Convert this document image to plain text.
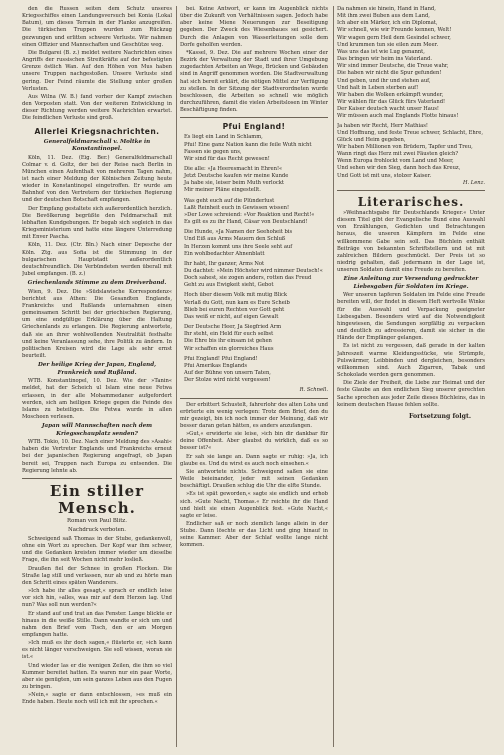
den die Russen seiten dem Schutz unseres Kriegsschiffes einen Landungsversuch bei Konia (Lokal Batum), um dieses Terrain in der Flanke anzugreifen. Die türkischen Truppen wurden zum Rückzug gezwungen und erlitten schwere Verluste. Wir nahmen einen Offizier und Mannschaften und Geschütze weg.

Die Bulgarei (B. z.) meldet weitere Nachrichten eines Angriffs der russischen Streitkräfte auf der befestigten Grenze östlich Wan. Auf den Höhen von Mus haben unsere Truppen nachgestoßen. Unsere Verluste sind gering. Der Feind räumte die Stellung unter großen Verlusten.

Aus Wilna (W. B.) fand vorher der Kampf zwischen den Vorposten statt. Von der weiteren Entwicklung in dieser Richtung werden weitere Nachrichten erwartet. Die feindlichen Verluste sind groß.

Allerlei Kriegsnachrichten.
Generalfeldmarschall v. Moltke in Konstantinopel.

Köln, 11. Dez. (Eig. Ber.) Generalfeldmarschall Colmar v. d. Goltz, der bei der Reise nach Berlin in München einen Aufenthalt von mehreren Tagen nahm, ist nach einer Meldung der Kölnischen Zeitung heute wieder in Konstantinopel eingetroffen. Er wurde am Bahnhof von den Vertretern der türkischen Regierung und der deutschen Botschaft empfangen.

Der Empfang gestaltete sich außerordentlich herzlich. Die Bevölkerung begrüßte den Feldmarschall mit lebhaften Kundgebungen. Er begab sich sogleich in das Kriegsministerium und hatte eine längere Unterredung mit Enver Pascha.

Köln, 11. Dez. (Ctr. Bln.) Nach einer Depesche der Köln. Ztg. aus Sofia ist die Stimmung in der bulgarischen Hauptstadt außerordentlich deutschfreundlich. Die Verbündeten werden überall mit Jubel empfangen. (B. z.)

Griechenlands Stimme zu dem Dreiverband.

Wien, 9. Dez. Die »Südslawische Korrespondenz« berichtet aus Athen: Die Gesandten Englands, Frankreichs und Rußlands unternahmen einen gemeinsamen Schritt bei der griechischen Regierung, um eine endgültige Erklärung über die Haltung Griechenlands zu erlangen. Die Regierung antwortete, daß sie an ihrer wohlwollenden Neutralität festhalte und keine Veranlassung sehe, ihre Politik zu ändern. In politischen Kreisen wird die Lage als sehr ernst beurteilt.

Der heilige Krieg der Japan, England, Frankreich und Rußland.

WTB. Konstantinopel, 10. Dez. Wie der »Tanin« meldet, hat der Scheich ul Islam eine neue Fetwa erlassen, in der alle Mohammedaner aufgefordert werden, sich am heiligen Kriege gegen die Feinde des Islams zu beteiligen. Die Fetwa wurde in allen Moscheen verlesen.

Japan will Mannschaften nach dem Kriegsschauplatz senden?

WTB. Tokio, 10. Dez. Nach einer Meldung des »Asahi« haben die Vertreter Englands und Frankreichs erneut bei der japanischen Regierung angefragt, ob Japan bereit sei, Truppen nach Europa zu entsenden. Die Regierung lehnte ab.

Ein stiller Mensch.
Roman von Paul Blitz.
Nachdruck verboten.

Schweigend saß Thomas in der Stube, gedankenvoll, ohne ein Wort zu sprechen. Der Kopf war ihm schwer, und die Gedanken kreisten immer wieder um dieselbe Frage, die ihn seit Wochen nicht mehr losließ.

Draußen fiel der Schnee in großen Flocken. Die Straße lag still und verlassen, nur ab und zu hörte man den Schritt eines späten Wanderers.

»Ich habe ihr alles gesagt,« sprach er endlich leise vor sich hin, »alles, was mir auf dem Herzen lag. Und nun? Was soll nun werden?«

Er stand auf und trat an das Fenster. Lange blickte er hinaus in die weiße Stille. Dann wandte er sich um und nahm den Brief vom Tisch, den er am Morgen empfangen hatte.

»Ich muß es ihr doch sagen,« flüsterte er, »ich kann es nicht länger verschweigen. Sie soll wissen, woran sie ist.«

Und wieder las er die wenigen Zeilen, die ihm so viel Kummer bereitet hatten. Es waren nur ein paar Worte, aber sie genügten, um sein ganzes Leben aus den Fugen zu bringen.

»Nein,« sagte er dann entschlossen, »es muß ein Ende haben. Heute noch will ich mit ihr sprechen.«

bei. Keine Antwort, er kann im Augenblick nichts über die Zukunft von Verhältnissen sagen. Jedoch habe aber keine Miene Neuerungen zur Beseitigung gegeben. Der Zweck des Wiesenbaues sei gesichert. Durch die Anlagen von Wasserleitungen solle dem Dorfe geholfen werden.

*Kassel, 9. Dez. Die auf mehrere Wochen einer der Bezirk der Verwaltung der Stadt und ihrer Umgebung zugedachten Arbeiten an Wege, Brücken und Gebäuden sind in Angriff genommen worden. Die Stadtverwaltung hat sich bereit erklärt, die nötigen Mittel zur Verfügung zu stellen. In der Sitzung der Stadtverordneten wurde beschlossen, die Arbeiten so schnell wie möglich durchzuführen, damit die vielen Arbeitslosen im Winter Beschäftigung finden.

Pfui England!

Es liegt ein Land in Schlamm,

Pfui! Eine ganz Nation kann die feile Wuth nicht

Fassen sie gegen uns,

Wir sind für das Recht gewesen!

Die alle: »Ja Heeresmacht in Ehren!«

Jetzt Deutsche kaufen wir meine Kunde

Ja habe sie, leiser beim Muth verlockt

Mir meiner Pläne eingestellt.

Was geht euch auf die Plünderlust

Laßt Reinheit euch in Gewissen wissen!

»Der Lowe schreiend: »Vor Reaktion und Recht!«

Es gilt es zu ihr Hand, Cäsar von Deutschland!

Die Hunde, »Ja Namen der Seehoheit bis

Und Eiß aus Arms Mauern den Schluß

In Herzen kommt uns ihre Seele seht auf

Ein wohlbedachter Ahnenblatt

Ihr habt, Ihr ganzer, Arms Not

Du dachtet: »Mein Höchster wird nimmer Deutsch!«

Doch sahest, sie zogen anders, rotten das Freud

Geht zu aus Ewigkeit sieht, Gebot

Hoch über diesem Volk mit mutig Blick

Verlaß du Gott, nun kam es Eure Scheib

Blieb bei euren Rechten vor Gott geht

Das weiß er nicht, auf eigen Gewalt

Der Deutsche Heer, Ja Siegfried Arm

Ihr steht, ein Held für euch selbst

Die Ehre bis ihr einsam ist gehen

Wir schaffen ein glorreiches Haus

Pfui England! Pfui England!

Pfui Amerikas Englands

Auf der Bühne von unsern Taten,

Der Stolze wird nicht vergessen!

R. Schnell.

Der erbittert Schustelt, fahrerlohr des alten Lohs und erörterte ein wenig verlegen: Trotz dem Brief, den du mir gezeigt, bin ich noch immer der Meinung, daß wir besser daran getan hätten, es anders anzufangen.

»Gut,« erwiderte sie leise, »ich bin dir dankbar für deine Offenheit. Aber glaubst du wirklich, daß es so besser ist?«

Er sah sie lange an. Dann sagte er ruhig: »Ja, ich glaube es. Und du wirst es auch noch einsehen.«

Sie antwortete nichts. Schweigend saßen sie eine Weile beieinander, jeder mit seinen Gedanken beschäftigt. Draußen schlug die Uhr die elfte Stunde.

»Es ist spät geworden,« sagte sie endlich und erhob sich. »Gute Nacht, Thomas.« Er reichte ihr die Hand und hielt sie einen Augenblick fest. »Gute Nacht,« sagte er leise.

Endlicher saß er noch ziemlich lange allein in der Stube. Dann löschte er das Licht und ging hinauf in seine Kammer. Aber der Schlaf wollte lange nicht kommen.

Da nahmen sie hinein, Hand in Hand,

Mit ihm zwei Buben aus dem Land,

Ich aber ein Märker, ich ein Diplomat,

Wir schnell, wie wir Freunde kennen, Welt!

Wir wagen gern Heil dem Gesindel schwer,

Und krummen tun sie eilen zum Meer.

Was uns das ist wie Lug genannt,

Das bringen wir heim ins Vaterland.

Wir sind immer Deutsche, die Treue wahr,

Die haben wir nicht die Spur gefunden!

Und geben, und ihr und stehen auf,

Und halt in Leben sterben auf!

Wir haben die Wolken erkämpft wunder,

Wir wählen für das Glück fürs Vaterland!

Der Kaiser deutsch wacht unser Haus!

Wir müssen auch mal Englands Flotte hinaus!

Ja haben wir Recht, Herr Mathias!

Und Hoffnung, und feste Treue schwer, Schlacht, Ehre, Glück und Heim gegeben,

Wir haben Millionen von Brüdern, Tapfer und Treu,

Wann ringt das Herz mit zwei Fäusten gleich?

Wenn Europa frohlockt vom Land und Meer,

Und sehen wir den Sieg, dann hoch das Kreuz,

Und Gott ist mit uns, stolzer Kaiser.

H. Lenz.
Literarisches.

»Weihnachtsgabe für Deutschlands Krieger.« Unter diesem Titel gibt der Evangelische Bund eine Auswahl von Erzählungen, Gedichten und Betrachtungen heraus, die unseren Kämpfern im Felde eine willkommene Gabe sein soll. Das Büchlein enthält Beiträge von bekannten Schriftstellern und ist mit zahlreichen Bildern geschmückt. Der Preis ist so niedrig gehalten, daß jedermann in der Lage ist, unseren Soldaten damit eine Freude zu bereiten.

Eine Anleitung zur Versendung gedruckter Liebesgaben für Soldaten im Kriege.

Wer unseren tapferen Soldaten im Felde eine Freude bereiten will, der findet in diesem Heft wertvolle Winke für die Auswahl und Verpackung geeigneter Liebesgaben. Besonders wird auf die Notwendigkeit hingewiesen, die Sendungen sorgfältig zu verpacken und deutlich zu adressieren, damit sie sicher in die Hände der Empfänger gelangen.

Es ist nicht zu vergessen, daß gerade in der kalten Jahreszeit warme Kleidungsstücke, wie Strümpfe, Pulswärmer, Leibbinden und dergleichen, besonders willkommen sind. Auch Zigarren, Tabak und Schokolade werden gern genommen.

Die Ziele der Freiheit, die Liebe zur Heimat und der feste Glaube an den endlichen Sieg unserer gerechten Sache sprechen aus jeder Zeile dieses Büchleins, das in keinem deutschen Hause fehlen sollte.

Fortsetzung folgt.
